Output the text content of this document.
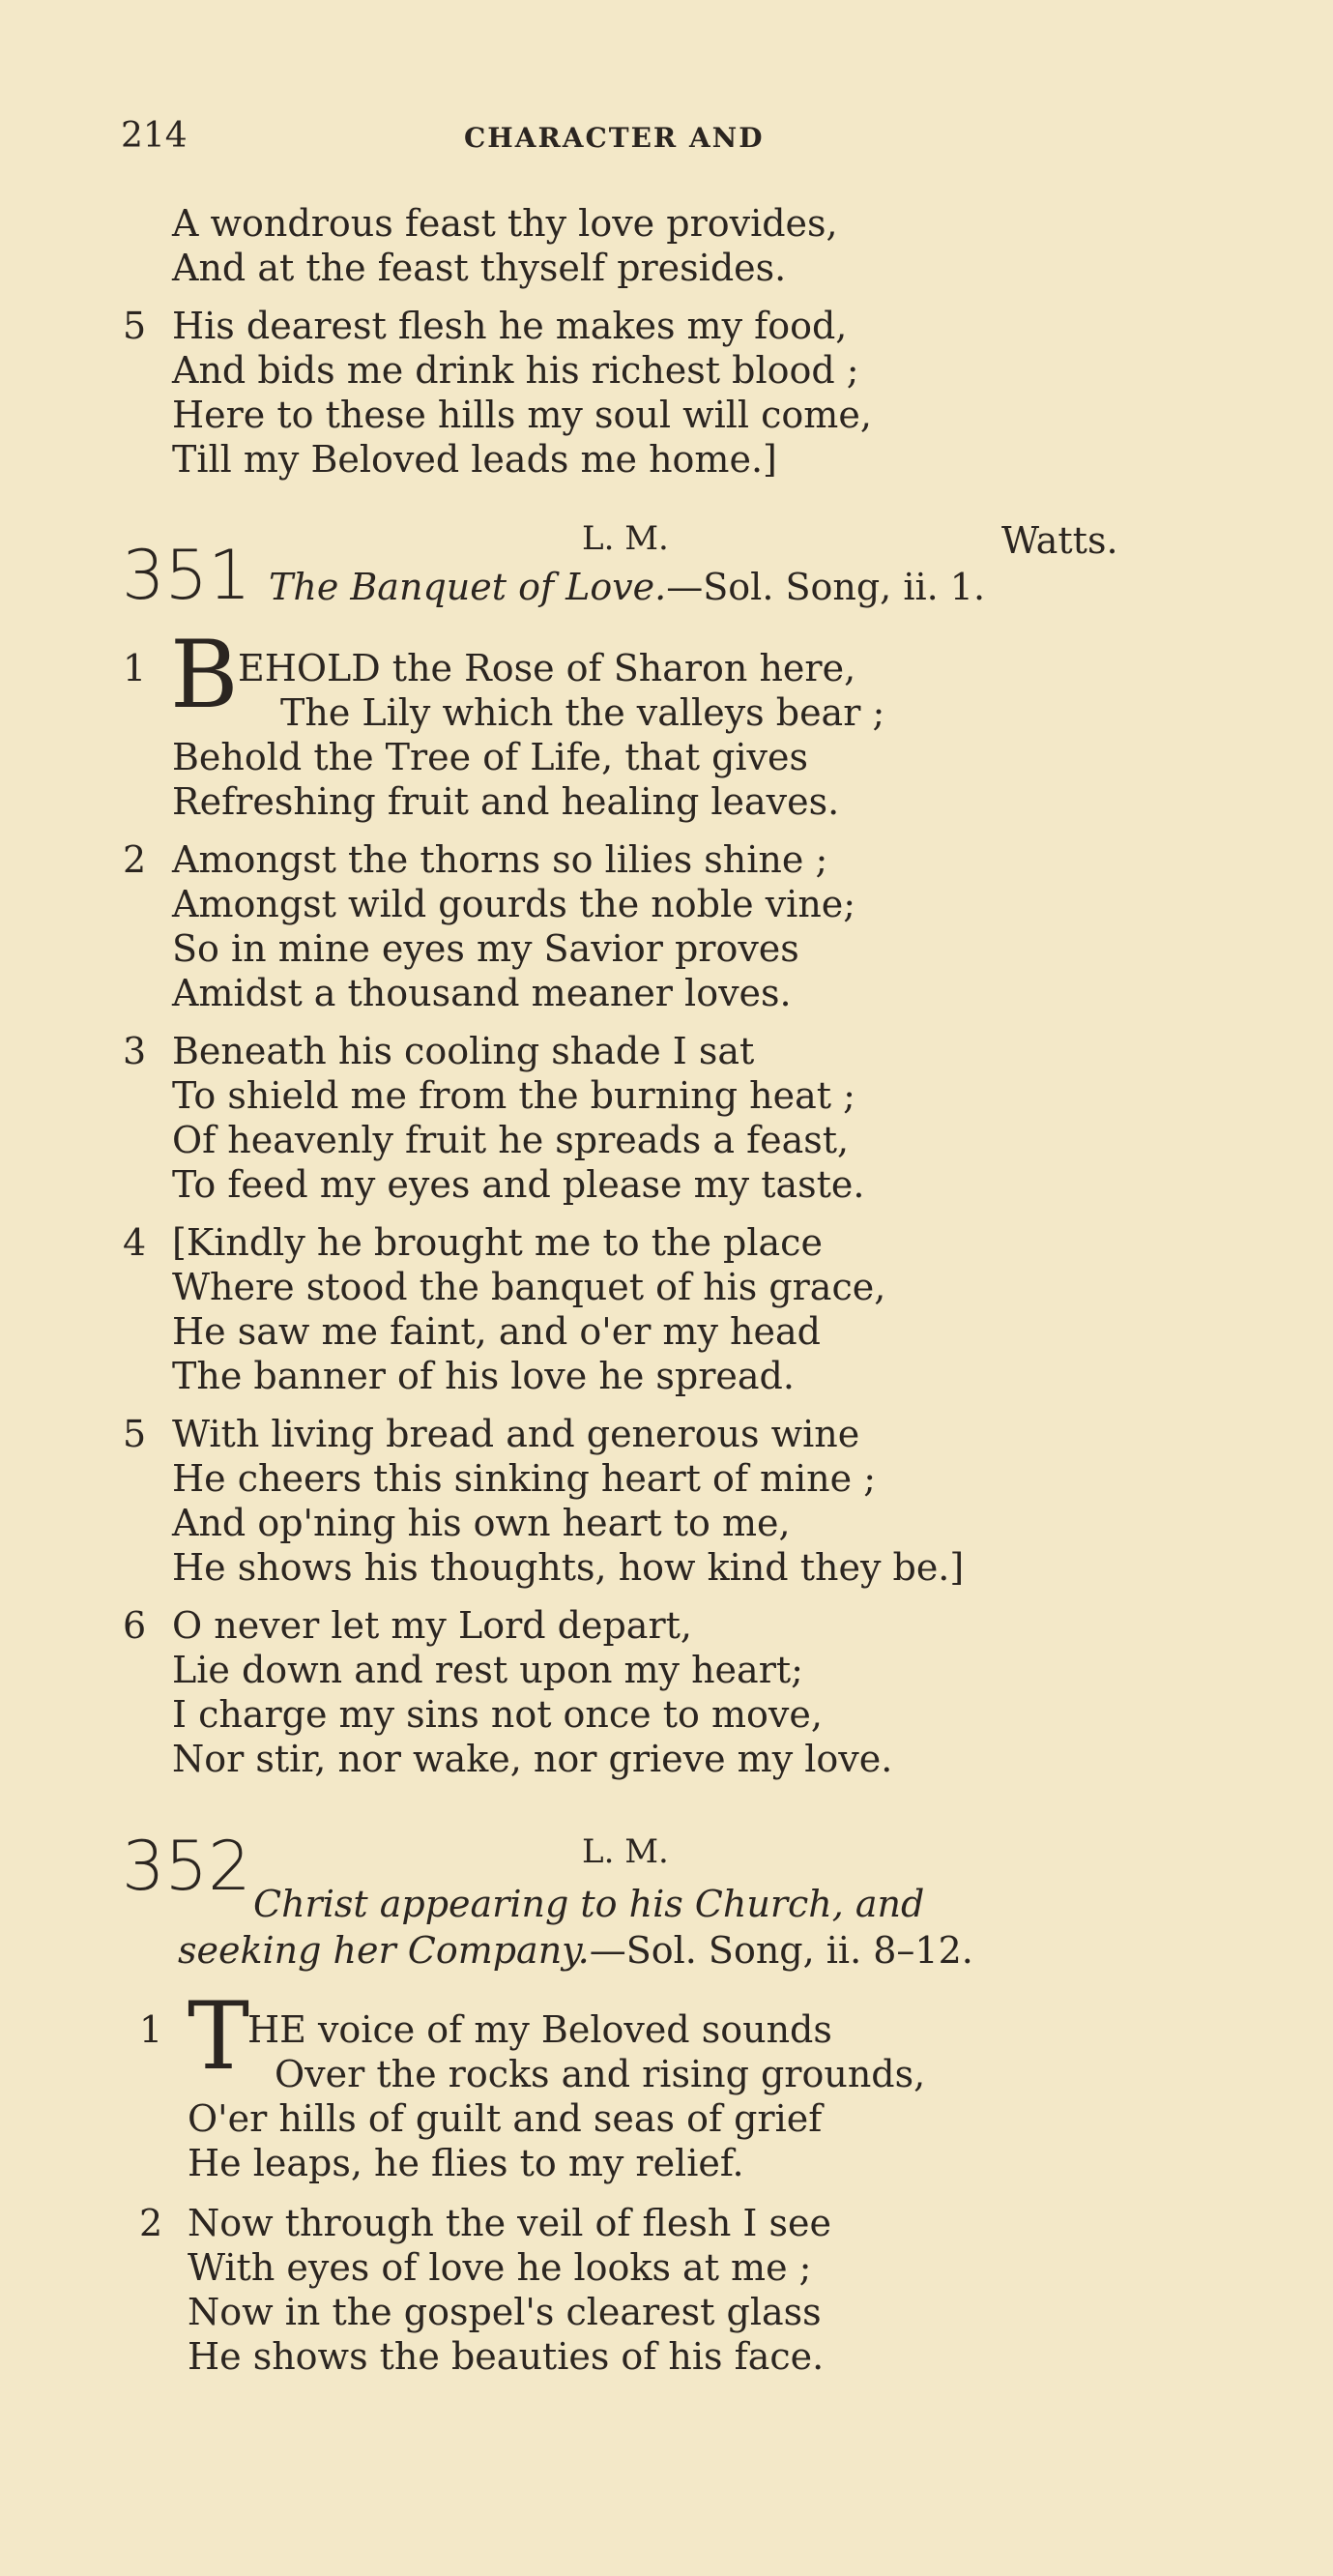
214	CHARACTER AND
A wondrous feast thy love provides,
And at the feast thyself presides.
5 His dearest flesh he makes my food,
And bids me drink his richest blood ;
Here to these hills my soul will come,
Till my Beloved leads me home.]
351	L. M.	Watts.
The Banquet of Love.—Sol. Song, ii. 1.
1 B EHOLD the Rose of Sharon here,
The Lily which the valleys bear ;
Behold the Tree of Life, that gives
Refreshing fruit and healing leaves.
2 Amongst the thorns so lilies shine ;
Amongst wild gourds the noble vine;
So in mine eyes my Savior proves
Amidst a thousand meaner loves.
3 Beneath his cooling shade I sat
To shield me from the burning heat ;
Of heavenly fruit he spreads a feast,
To feed my eyes and please my taste.
4 [Kindly he brought me to the place
Where stood the banquet of his grace,
He saw me faint, and o'er my head
The banner of his love he spread.
5 With living bread and generous wine
He cheers this sinking heart of mine ;
And op'ning his own heart to me,
He shows his thoughts, how kind they be.]
6 O never let my Lord depart,
Lie down and rest upon my heart;
I charge my sins not once to move,
Nor stir, nor wake, nor grieve my love.
352	L. M.
Christ appearing to his Church, and
seeking her Company.—Sol. Song, ii. 8–12.
1 T
HE voice of my Beloved sounds
Over the rocks and rising grounds,
O'er hills of guilt and seas of grief
He leaps, he flies to my relief.
2 Now through the veil of flesh I see
With eyes of love he looks at me ;
Now in the gospel's clearest glass
He shows the beauties of his face.
